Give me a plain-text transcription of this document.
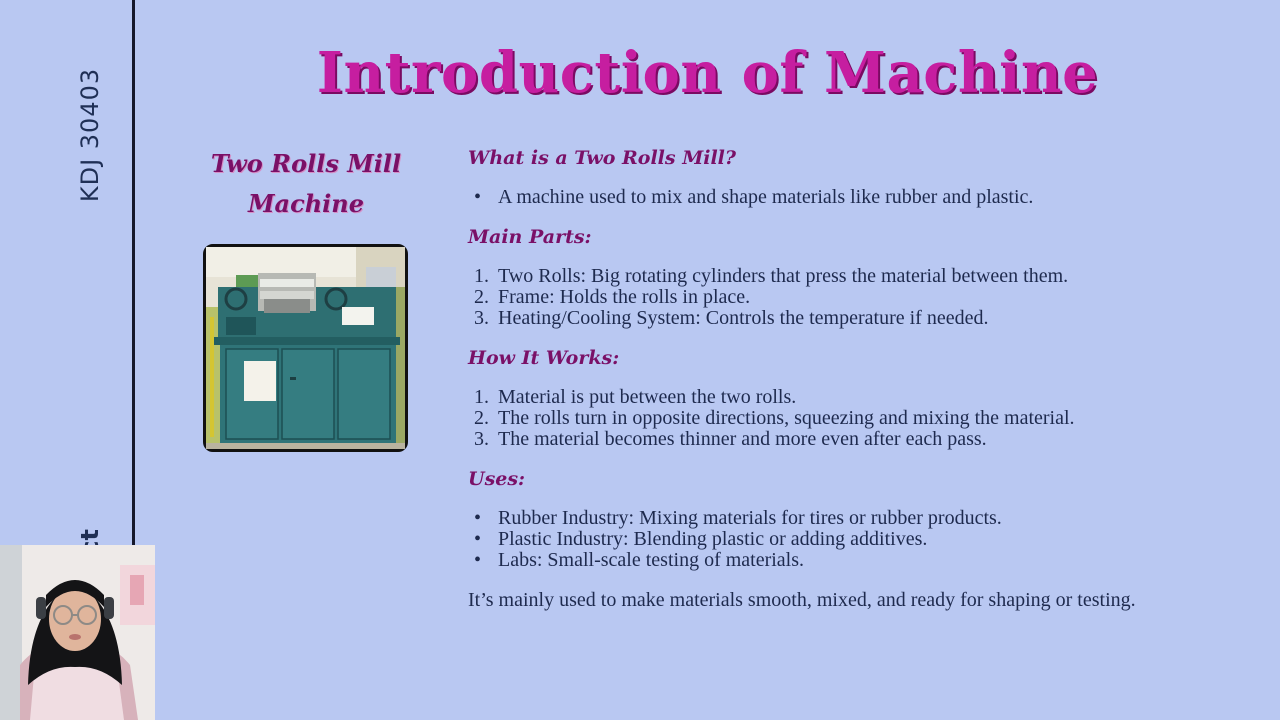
KDJ 30403	Introduction of Machine
Two Rolls Mill
Machine
What is a Two Rolls Mill?
• A machine used to mix and shape materials like rubber and plastic.
Main Parts:
1. Two Rolls: Big rotating cylinders that press the material between them.
2. Frame: Holds the rolls in place.
3. Heating/Cooling System: Controls the temperature if needed.
How It Works:
1. Material is put between the two rolls.
2. The rolls turn in opposite directions, squeezing and mixing the material.
3. The material becomes thinner and more even after each pass.
Uses:
• Rubber Industry: Mixing materials for tires or rubber products.
• Plastic Industry: Blending plastic or adding additives.
• Labs: Small-scale testing of materials.

It’s mainly used to make materials smooth, mixed, and ready for shaping or testing.
